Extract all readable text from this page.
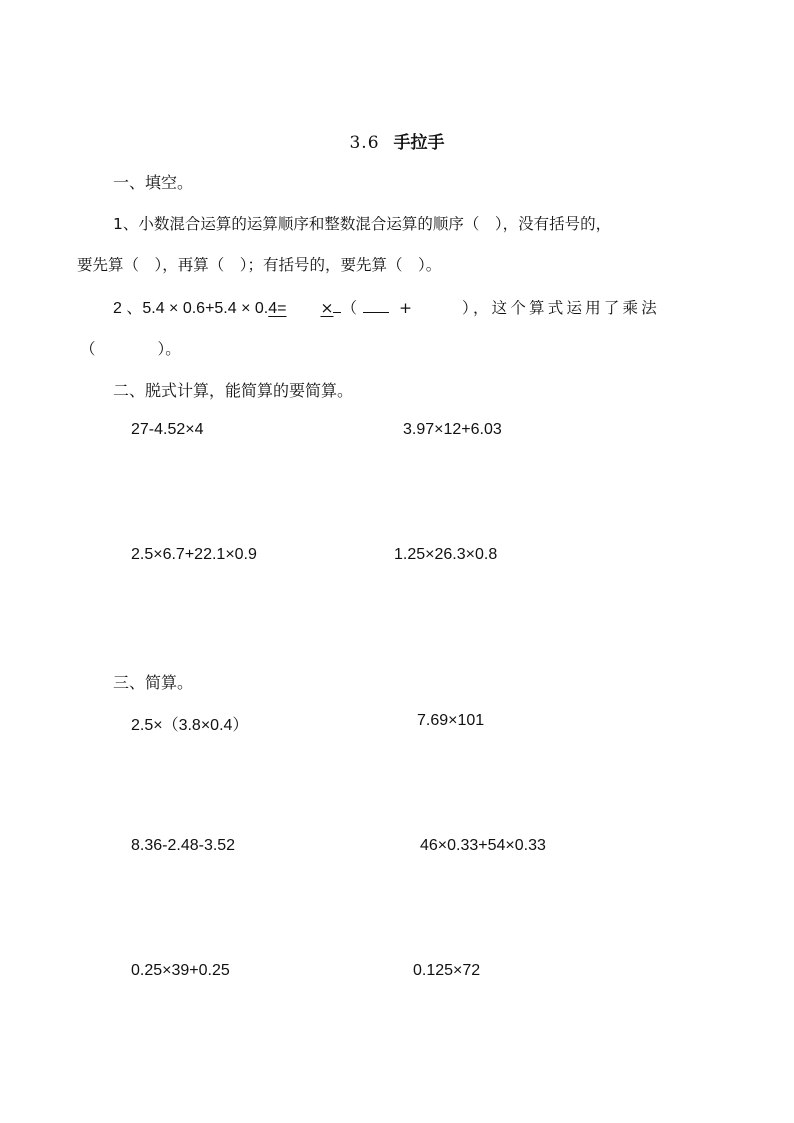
3.6 手拉手
一、填空。
1、小数混合运算的运算顺序和整数混合运算的顺序（　），没有括号的，
要先算（　），再算（　）；有括号的，要先算（　）。
2 、5.4 × 0.6+5.4 × 0.4= × （	+	），这个算式运用了乘法
（　　　　）。
二、脱式计算，能简算的要简算。
27-4.52×4	3.97×12+6.03
2.5×6.7+22.1×0.9	1.25×26.3×0.8
三、简算。
2.5×（3.8×0.4）	7.69×101
8.36-2.48-3.52	46×0.33+54×0.33
0.25×39+0.25	0.125×72
